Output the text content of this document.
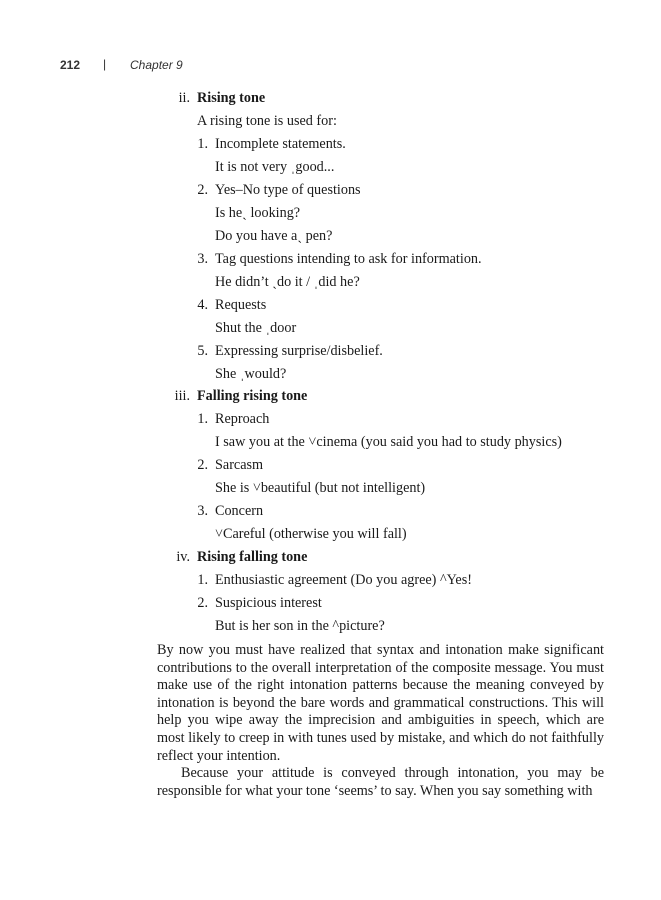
212 | Chapter 9
ii. Rising tone
A rising tone is used for:
1. Incomplete statements.
It is not very ˌgood...
2. Yes–No type of questions
Is heˎ looking?
Do you have aˎ pen?
3. Tag questions intending to ask for information.
He didn’t ˎdo it / ˌdid he?
4. Requests
Shut the ˌdoor
5. Expressing surprise/disbelief.
She ˌwould?
iii. Falling rising tone
1. Reproach
I saw you at the ˅cinema (you said you had to study physics)
2. Sarcasm
She is ˅beautiful (but not intelligent)
3. Concern
˅Careful (otherwise you will fall)
iv. Rising falling tone
1. Enthusiastic agreement (Do you agree) ^Yes!
2. Suspicious interest
But is her son in the ^picture?

By now you must have realized that syntax and intonation make significant contributions to the overall interpretation of the composite message. You must make use of the right intonation patterns because the meaning conveyed by intonation is beyond the bare words and grammatical constructions. This will help you wipe away the imprecision and ambiguities in speech, which are most likely to creep in with tunes used by mistake, and which do not faithfully reflect your intention.

Because your attitude is conveyed through intonation, you may be responsible for what your tone ‘seems’ to say. When you say something with
